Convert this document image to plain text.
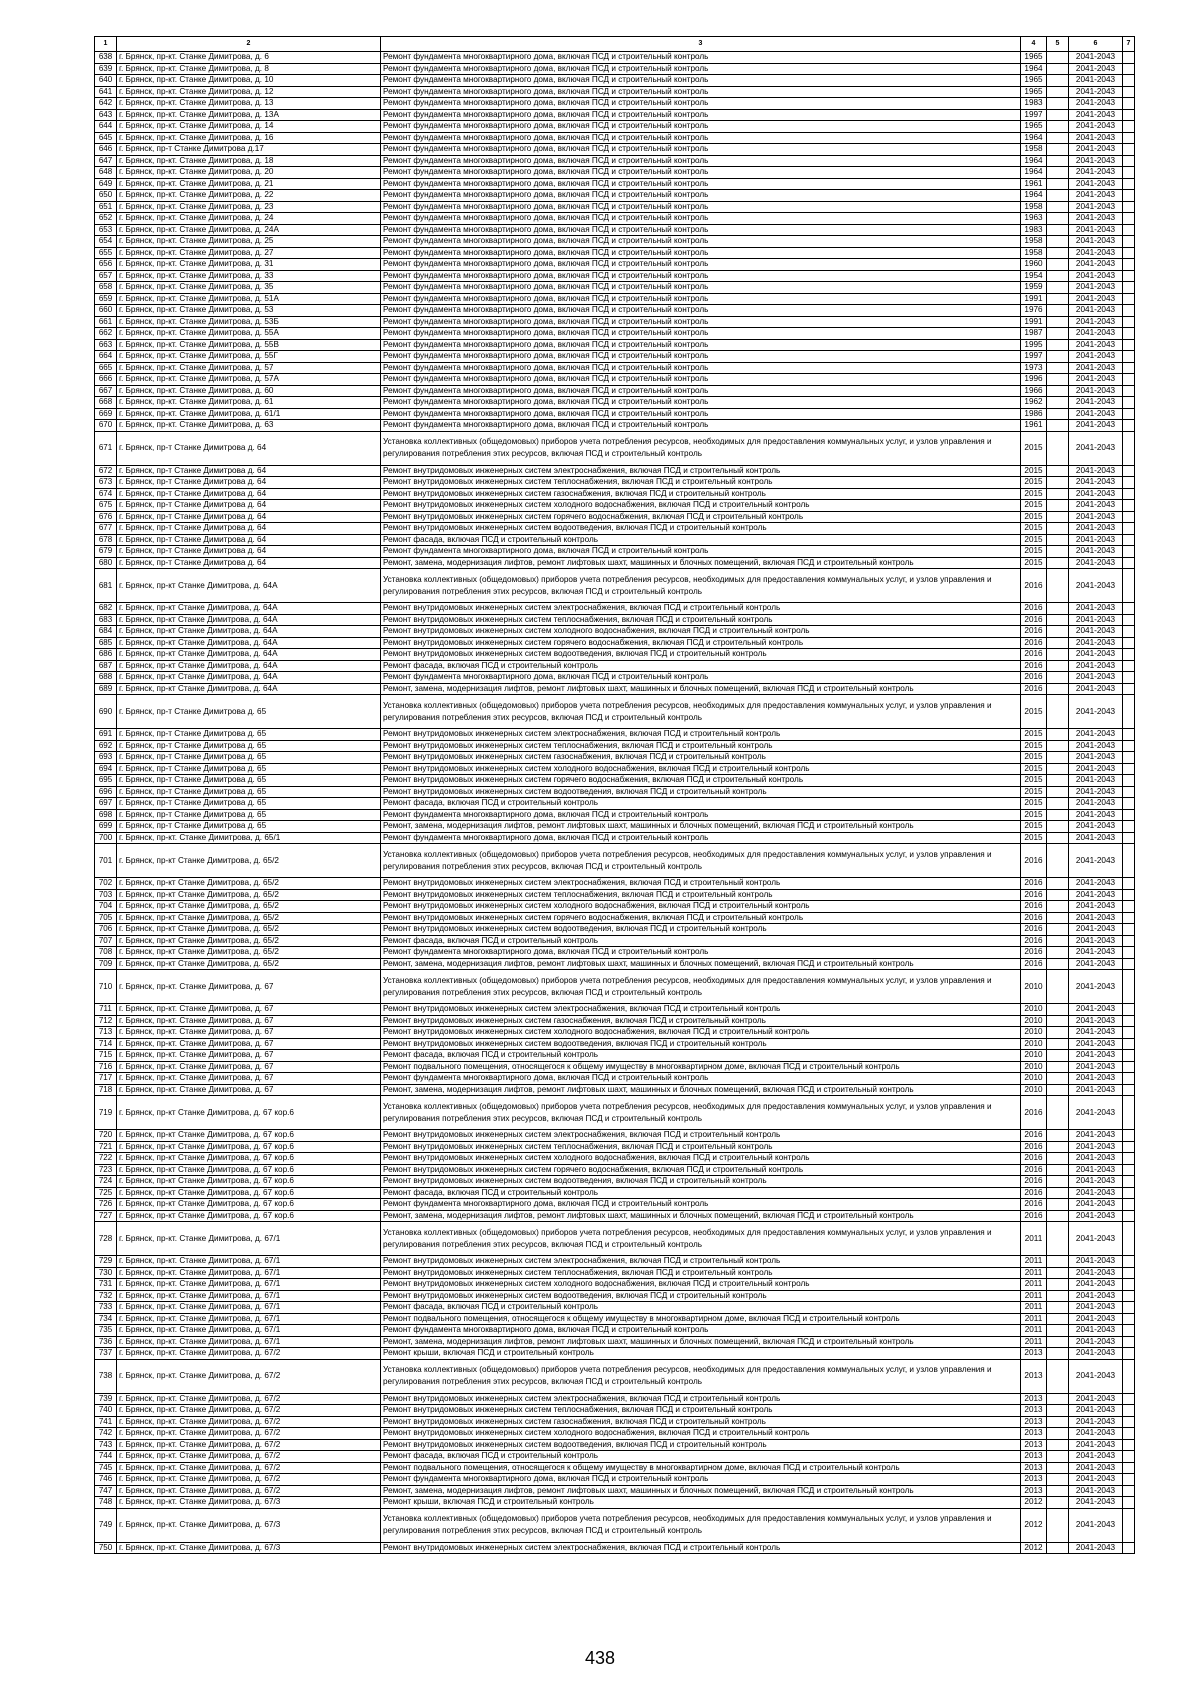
1	2	3	4	5	6	7
638	г. Брянск, пр-кт. Станке Димитрова, д. 6	Ремонт фундамента многоквартирного дома, включая ПСД и строительный контроль	1965		2041-2043	
639	г. Брянск, пр-кт. Станке Димитрова, д. 8	Ремонт фундамента многоквартирного дома, включая ПСД и строительный контроль	1964		2041-2043	
640	г. Брянск, пр-кт. Станке Димитрова, д. 10	Ремонт фундамента многоквартирного дома, включая ПСД и строительный контроль	1965		2041-2043	
641	г. Брянск, пр-кт. Станке Димитрова, д. 12	Ремонт фундамента многоквартирного дома, включая ПСД и строительный контроль	1965		2041-2043	
642	г. Брянск, пр-кт. Станке Димитрова, д. 13	Ремонт фундамента многоквартирного дома, включая ПСД и строительный контроль	1983		2041-2043	
643	г. Брянск, пр-кт. Станке Димитрова, д. 13А	Ремонт фундамента многоквартирного дома, включая ПСД и строительный контроль	1997		2041-2043	
644	г. Брянск, пр-кт. Станке Димитрова, д. 14	Ремонт фундамента многоквартирного дома, включая ПСД и строительный контроль	1965		2041-2043	
645	г. Брянск, пр-кт. Станке Димитрова, д. 16	Ремонт фундамента многоквартирного дома, включая ПСД и строительный контроль	1964		2041-2043	
646	г. Брянск, пр-т Станке Димитрова д.17	Ремонт фундамента многоквартирного дома, включая ПСД и строительный контроль	1958		2041-2043	
647	г. Брянск, пр-кт. Станке Димитрова, д. 18	Ремонт фундамента многоквартирного дома, включая ПСД и строительный контроль	1964		2041-2043	
648	г. Брянск, пр-кт. Станке Димитрова, д. 20	Ремонт фундамента многоквартирного дома, включая ПСД и строительный контроль	1964		2041-2043	
649	г. Брянск, пр-кт. Станке Димитрова, д. 21	Ремонт фундамента многоквартирного дома, включая ПСД и строительный контроль	1961		2041-2043	
650	г. Брянск, пр-кт. Станке Димитрова, д. 22	Ремонт фундамента многоквартирного дома, включая ПСД и строительный контроль	1964		2041-2043	
651	г. Брянск, пр-кт. Станке Димитрова, д. 23	Ремонт фундамента многоквартирного дома, включая ПСД и строительный контроль	1958		2041-2043	
652	г. Брянск, пр-кт. Станке Димитрова, д. 24	Ремонт фундамента многоквартирного дома, включая ПСД и строительный контроль	1963		2041-2043	
653	г. Брянск, пр-кт. Станке Димитрова, д. 24А	Ремонт фундамента многоквартирного дома, включая ПСД и строительный контроль	1983		2041-2043	
654	г. Брянск, пр-кт. Станке Димитрова, д. 25	Ремонт фундамента многоквартирного дома, включая ПСД и строительный контроль	1958		2041-2043	
655	г. Брянск, пр-кт. Станке Димитрова, д. 27	Ремонт фундамента многоквартирного дома, включая ПСД и строительный контроль	1958		2041-2043	
656	г. Брянск, пр-кт. Станке Димитрова, д. 31	Ремонт фундамента многоквартирного дома, включая ПСД и строительный контроль	1960		2041-2043	
657	г. Брянск, пр-кт. Станке Димитрова, д. 33	Ремонт фундамента многоквартирного дома, включая ПСД и строительный контроль	1954		2041-2043	
658	г. Брянск, пр-кт. Станке Димитрова, д. 35	Ремонт фундамента многоквартирного дома, включая ПСД и строительный контроль	1959		2041-2043	
659	г. Брянск, пр-кт. Станке Димитрова, д. 51А	Ремонт фундамента многоквартирного дома, включая ПСД и строительный контроль	1991		2041-2043	
660	г. Брянск, пр-кт. Станке Димитрова, д. 53	Ремонт фундамента многоквартирного дома, включая ПСД и строительный контроль	1976		2041-2043	
661	г. Брянск, пр-кт. Станке Димитрова, д. 53Б	Ремонт фундамента многоквартирного дома, включая ПСД и строительный контроль	1991		2041-2043	
662	г. Брянск, пр-кт. Станке Димитрова, д. 55А	Ремонт фундамента многоквартирного дома, включая ПСД и строительный контроль	1987		2041-2043	
663	г. Брянск, пр-кт. Станке Димитрова, д. 55В	Ремонт фундамента многоквартирного дома, включая ПСД и строительный контроль	1995		2041-2043	
664	г. Брянск, пр-кт. Станке Димитрова, д. 55Г	Ремонт фундамента многоквартирного дома, включая ПСД и строительный контроль	1997		2041-2043	
665	г. Брянск, пр-кт. Станке Димитрова, д. 57	Ремонт фундамента многоквартирного дома, включая ПСД и строительный контроль	1973		2041-2043	
666	г. Брянск, пр-кт. Станке Димитрова, д. 57А	Ремонт фундамента многоквартирного дома, включая ПСД и строительный контроль	1996		2041-2043	
667	г. Брянск, пр-кт. Станке Димитрова, д. 60	Ремонт фундамента многоквартирного дома, включая ПСД и строительный контроль	1966		2041-2043	
668	г. Брянск, пр-кт. Станке Димитрова, д. 61	Ремонт фундамента многоквартирного дома, включая ПСД и строительный контроль	1962		2041-2043	
669	г. Брянск, пр-кт. Станке Димитрова, д. 61/1	Ремонт фундамента многоквартирного дома, включая ПСД и строительный контроль	1986		2041-2043	
670	г. Брянск, пр-кт. Станке Димитрова, д. 63	Ремонт фундамента многоквартирного дома, включая ПСД и строительный контроль	1961		2041-2043	
671	г. Брянск, пр-т Станке Димитрова д. 64	Установка коллективных (общедомовых) приборов учета потребления ресурсов, необходимых для предоставления коммунальных услуг, и узлов управления и регулирования потребления этих ресурсов, включая ПСД и строительный контроль	2015		2041-2043	
672	г. Брянск, пр-т Станке Димитрова д. 64	Ремонт внутридомовых инженерных систем электроснабжения, включая ПСД и строительный контроль	2015		2041-2043	
673	г. Брянск, пр-т Станке Димитрова д. 64	Ремонт внутридомовых инженерных систем теплоснабжения, включая ПСД и строительный контроль	2015		2041-2043	
674	г. Брянск, пр-т Станке Димитрова д. 64	Ремонт внутридомовых инженерных систем газоснабжения, включая ПСД и строительный контроль	2015		2041-2043	
675	г. Брянск, пр-т Станке Димитрова д. 64	Ремонт внутридомовых инженерных систем холодного водоснабжения, включая ПСД и строительный контроль	2015		2041-2043	
676	г. Брянск, пр-т Станке Димитрова д. 64	Ремонт внутридомовых инженерных систем горячего водоснабжения, включая ПСД и строительный контроль	2015		2041-2043	
677	г. Брянск, пр-т Станке Димитрова д. 64	Ремонт внутридомовых инженерных систем водоотведения, включая ПСД и строительный контроль	2015		2041-2043	
678	г. Брянск, пр-т Станке Димитрова д. 64	Ремонт фасада, включая ПСД и строительный контроль	2015		2041-2043	
679	г. Брянск, пр-т Станке Димитрова д. 64	Ремонт фундамента многоквартирного дома, включая ПСД и строительный контроль	2015		2041-2043	
680	г. Брянск, пр-т Станке Димитрова д. 64	Ремонт, замена, модернизация лифтов, ремонт лифтовых шахт, машинных и блочных помещений, включая ПСД и строительный контроль	2015		2041-2043	
681	г. Брянск, пр-кт Станке Димитрова, д. 64А	Установка коллективных (общедомовых) приборов учета потребления ресурсов, необходимых для предоставления коммунальных услуг, и узлов управления и регулирования потребления этих ресурсов, включая ПСД и строительный контроль	2016		2041-2043	
682	г. Брянск, пр-кт Станке Димитрова, д. 64А	Ремонт внутридомовых инженерных систем электроснабжения, включая ПСД и строительный контроль	2016		2041-2043	
683	г. Брянск, пр-кт Станке Димитрова, д. 64А	Ремонт внутридомовых инженерных систем теплоснабжения, включая ПСД и строительный контроль	2016		2041-2043	
684	г. Брянск, пр-кт Станке Димитрова, д. 64А	Ремонт внутридомовых инженерных систем холодного водоснабжения, включая ПСД и строительный контроль	2016		2041-2043	
685	г. Брянск, пр-кт Станке Димитрова, д. 64А	Ремонт внутридомовых инженерных систем горячего водоснабжения, включая ПСД и строительный контроль	2016		2041-2043	
686	г. Брянск, пр-кт Станке Димитрова, д. 64А	Ремонт внутридомовых инженерных систем водоотведения, включая ПСД и строительный контроль	2016		2041-2043	
687	г. Брянск, пр-кт Станке Димитрова, д. 64А	Ремонт фасада, включая ПСД и строительный контроль	2016		2041-2043	
688	г. Брянск, пр-кт Станке Димитрова, д. 64А	Ремонт фундамента многоквартирного дома, включая ПСД и строительный контроль	2016		2041-2043	
689	г. Брянск, пр-кт Станке Димитрова, д. 64А	Ремонт, замена, модернизация лифтов, ремонт лифтовых шахт, машинных и блочных помещений, включая ПСД и строительный контроль	2016		2041-2043	
690	г. Брянск, пр-т Станке Димитрова д. 65	Установка коллективных (общедомовых) приборов учета потребления ресурсов, необходимых для предоставления коммунальных услуг, и узлов управления и регулирования потребления этих ресурсов, включая ПСД и строительный контроль	2015		2041-2043	
691	г. Брянск, пр-т Станке Димитрова д. 65	Ремонт внутридомовых инженерных систем электроснабжения, включая ПСД и строительный контроль	2015		2041-2043	
692	г. Брянск, пр-т Станке Димитрова д. 65	Ремонт внутридомовых инженерных систем теплоснабжения, включая ПСД и строительный контроль	2015		2041-2043	
693	г. Брянск, пр-т Станке Димитрова д. 65	Ремонт внутридомовых инженерных систем газоснабжения, включая ПСД и строительный контроль	2015		2041-2043	
694	г. Брянск, пр-т Станке Димитрова д. 65	Ремонт внутридомовых инженерных систем холодного водоснабжения, включая ПСД и строительный контроль	2015		2041-2043	
695	г. Брянск, пр-т Станке Димитрова д. 65	Ремонт внутридомовых инженерных систем горячего водоснабжения, включая ПСД и строительный контроль	2015		2041-2043	
696	г. Брянск, пр-т Станке Димитрова д. 65	Ремонт внутридомовых инженерных систем водоотведения, включая ПСД и строительный контроль	2015		2041-2043	
697	г. Брянск, пр-т Станке Димитрова д. 65	Ремонт фасада, включая ПСД и строительный контроль	2015		2041-2043	
698	г. Брянск, пр-т Станке Димитрова д. 65	Ремонт фундамента многоквартирного дома, включая ПСД и строительный контроль	2015		2041-2043	
699	г. Брянск, пр-т Станке Димитрова д. 65	Ремонт, замена, модернизация лифтов, ремонт лифтовых шахт, машинных и блочных помещений, включая ПСД и строительный контроль	2015		2041-2043	
700	г. Брянск, пр-кт. Станке Димитрова, д. 65/1	Ремонт фундамента многоквартирного дома, включая ПСД и строительный контроль	2015		2041-2043	
701	г. Брянск, пр-кт Станке Димитрова, д. 65/2	Установка коллективных (общедомовых) приборов учета потребления ресурсов, необходимых для предоставления коммунальных услуг, и узлов управления и регулирования потребления этих ресурсов, включая ПСД и строительный контроль	2016		2041-2043	
702	г. Брянск, пр-кт Станке Димитрова, д. 65/2	Ремонт внутридомовых инженерных систем электроснабжения, включая ПСД и строительный контроль	2016		2041-2043	
703	г. Брянск, пр-кт Станке Димитрова, д. 65/2	Ремонт внутридомовых инженерных систем теплоснабжения, включая ПСД и строительный контроль	2016		2041-2043	
704	г. Брянск, пр-кт Станке Димитрова, д. 65/2	Ремонт внутридомовых инженерных систем холодного водоснабжения, включая ПСД и строительный контроль	2016		2041-2043	
705	г. Брянск, пр-кт Станке Димитрова, д. 65/2	Ремонт внутридомовых инженерных систем горячего водоснабжения, включая ПСД и строительный контроль	2016		2041-2043	
706	г. Брянск, пр-кт Станке Димитрова, д. 65/2	Ремонт внутридомовых инженерных систем водоотведения, включая ПСД и строительный контроль	2016		2041-2043	
707	г. Брянск, пр-кт Станке Димитрова, д. 65/2	Ремонт фасада, включая ПСД и строительный контроль	2016		2041-2043	
708	г. Брянск, пр-кт Станке Димитрова, д. 65/2	Ремонт фундамента многоквартирного дома, включая ПСД и строительный контроль	2016		2041-2043	
709	г. Брянск, пр-кт Станке Димитрова, д. 65/2	Ремонт, замена, модернизация лифтов, ремонт лифтовых шахт, машинных и блочных помещений, включая ПСД и строительный контроль	2016		2041-2043	
710	г. Брянск, пр-кт. Станке Димитрова, д. 67	Установка коллективных (общедомовых) приборов учета потребления ресурсов, необходимых для предоставления коммунальных услуг, и узлов управления и регулирования потребления этих ресурсов, включая ПСД и строительный контроль	2010		2041-2043	
711	г. Брянск, пр-кт. Станке Димитрова, д. 67	Ремонт внутридомовых инженерных систем электроснабжения, включая ПСД и строительный контроль	2010		2041-2043	
712	г. Брянск, пр-кт. Станке Димитрова, д. 67	Ремонт внутридомовых инженерных систем газоснабжения, включая ПСД и строительный контроль	2010		2041-2043	
713	г. Брянск, пр-кт. Станке Димитрова, д. 67	Ремонт внутридомовых инженерных систем холодного водоснабжения, включая ПСД и строительный контроль	2010		2041-2043	
714	г. Брянск, пр-кт. Станке Димитрова, д. 67	Ремонт внутридомовых инженерных систем водоотведения, включая ПСД и строительный контроль	2010		2041-2043	
715	г. Брянск, пр-кт. Станке Димитрова, д. 67	Ремонт фасада, включая ПСД и строительный контроль	2010		2041-2043	
716	г. Брянск, пр-кт. Станке Димитрова, д. 67	Ремонт подвального помещения, относящегося к общему имуществу в многоквартирном доме, включая ПСД и строительный контроль	2010		2041-2043	
717	г. Брянск, пр-кт. Станке Димитрова, д. 67	Ремонт фундамента многоквартирного дома, включая ПСД и строительный контроль	2010		2041-2043	
718	г. Брянск, пр-кт. Станке Димитрова, д. 67	Ремонт, замена, модернизация лифтов, ремонт лифтовых шахт, машинных и блочных помещений, включая ПСД и строительный контроль	2010		2041-2043	
719	г. Брянск, пр-кт Станке Димитрова, д. 67 кор.6	Установка коллективных (общедомовых) приборов учета потребления ресурсов, необходимых для предоставления коммунальных услуг, и узлов управления и регулирования потребления этих ресурсов, включая ПСД и строительный контроль	2016		2041-2043	
720	г. Брянск, пр-кт Станке Димитрова, д. 67 кор.6	Ремонт внутридомовых инженерных систем электроснабжения, включая ПСД и строительный контроль	2016		2041-2043	
721	г. Брянск, пр-кт Станке Димитрова, д. 67 кор.6	Ремонт внутридомовых инженерных систем теплоснабжения, включая ПСД и строительный контроль	2016		2041-2043	
722	г. Брянск, пр-кт Станке Димитрова, д. 67 кор.6	Ремонт внутридомовых инженерных систем холодного водоснабжения, включая ПСД и строительный контроль	2016		2041-2043	
723	г. Брянск, пр-кт Станке Димитрова, д. 67 кор.6	Ремонт внутридомовых инженерных систем горячего водоснабжения, включая ПСД и строительный контроль	2016		2041-2043	
724	г. Брянск, пр-кт Станке Димитрова, д. 67 кор.6	Ремонт внутридомовых инженерных систем водоотведения, включая ПСД и строительный контроль	2016		2041-2043	
725	г. Брянск, пр-кт Станке Димитрова, д. 67 кор.6	Ремонт фасада, включая ПСД и строительный контроль	2016		2041-2043	
726	г. Брянск, пр-кт Станке Димитрова, д. 67 кор.6	Ремонт фундамента многоквартирного дома, включая ПСД и строительный контроль	2016		2041-2043	
727	г. Брянск, пр-кт Станке Димитрова, д. 67 кор.6	Ремонт, замена, модернизация лифтов, ремонт лифтовых шахт, машинных и блочных помещений, включая ПСД и строительный контроль	2016		2041-2043	
728	г. Брянск, пр-кт. Станке Димитрова, д. 67/1	Установка коллективных (общедомовых) приборов учета потребления ресурсов, необходимых для предоставления коммунальных услуг, и узлов управления и регулирования потребления этих ресурсов, включая ПСД и строительный контроль	2011		2041-2043	
729	г. Брянск, пр-кт. Станке Димитрова, д. 67/1	Ремонт внутридомовых инженерных систем электроснабжения, включая ПСД и строительный контроль	2011		2041-2043	
730	г. Брянск, пр-кт. Станке Димитрова, д. 67/1	Ремонт внутридомовых инженерных систем теплоснабжения, включая ПСД и строительный контроль	2011		2041-2043	
731	г. Брянск, пр-кт. Станке Димитрова, д. 67/1	Ремонт внутридомовых инженерных систем холодного водоснабжения, включая ПСД и строительный контроль	2011		2041-2043	
732	г. Брянск, пр-кт. Станке Димитрова, д. 67/1	Ремонт внутридомовых инженерных систем водоотведения, включая ПСД и строительный контроль	2011		2041-2043	
733	г. Брянск, пр-кт. Станке Димитрова, д. 67/1	Ремонт фасада, включая ПСД и строительный контроль	2011		2041-2043	
734	г. Брянск, пр-кт. Станке Димитрова, д. 67/1	Ремонт подвального помещения, относящегося к общему имуществу в многоквартирном доме, включая ПСД и строительный контроль	2011		2041-2043	
735	г. Брянск, пр-кт. Станке Димитрова, д. 67/1	Ремонт фундамента многоквартирного дома, включая ПСД и строительный контроль	2011		2041-2043	
736	г. Брянск, пр-кт. Станке Димитрова, д. 67/1	Ремонт, замена, модернизация лифтов, ремонт лифтовых шахт, машинных и блочных помещений, включая ПСД и строительный контроль	2011		2041-2043	
737	г. Брянск, пр-кт. Станке Димитрова, д. 67/2	Ремонт крыши, включая ПСД и строительный контроль	2013		2041-2043	
738	г. Брянск, пр-кт. Станке Димитрова, д. 67/2	Установка коллективных (общедомовых) приборов учета потребления ресурсов, необходимых для предоставления коммунальных услуг, и узлов управления и регулирования потребления этих ресурсов, включая ПСД и строительный контроль	2013		2041-2043	
739	г. Брянск, пр-кт. Станке Димитрова, д. 67/2	Ремонт внутридомовых инженерных систем электроснабжения, включая ПСД и строительный контроль	2013		2041-2043	
740	г. Брянск, пр-кт. Станке Димитрова, д. 67/2	Ремонт внутридомовых инженерных систем теплоснабжения, включая ПСД и строительный контроль	2013		2041-2043	
741	г. Брянск, пр-кт. Станке Димитрова, д. 67/2	Ремонт внутридомовых инженерных систем газоснабжения, включая ПСД и строительный контроль	2013		2041-2043	
742	г. Брянск, пр-кт. Станке Димитрова, д. 67/2	Ремонт внутридомовых инженерных систем холодного водоснабжения, включая ПСД и строительный контроль	2013		2041-2043	
743	г. Брянск, пр-кт. Станке Димитрова, д. 67/2	Ремонт внутридомовых инженерных систем водоотведения, включая ПСД и строительный контроль	2013		2041-2043	
744	г. Брянск, пр-кт. Станке Димитрова, д. 67/2	Ремонт фасада, включая ПСД и строительный контроль	2013		2041-2043	
745	г. Брянск, пр-кт. Станке Димитрова, д. 67/2	Ремонт подвального помещения, относящегося к общему имуществу в многоквартирном доме, включая ПСД и строительный контроль	2013		2041-2043	
746	г. Брянск, пр-кт. Станке Димитрова, д. 67/2	Ремонт фундамента многоквартирного дома, включая ПСД и строительный контроль	2013		2041-2043	
747	г. Брянск, пр-кт. Станке Димитрова, д. 67/2	Ремонт, замена, модернизация лифтов, ремонт лифтовых шахт, машинных и блочных помещений, включая ПСД и строительный контроль	2013		2041-2043	
748	г. Брянск, пр-кт. Станке Димитрова, д. 67/3	Ремонт крыши, включая ПСД и строительный контроль	2012		2041-2043	
749	г. Брянск, пр-кт. Станке Димитрова, д. 67/3	Установка коллективных (общедомовых) приборов учета потребления ресурсов, необходимых для предоставления коммунальных услуг, и узлов управления и регулирования потребления этих ресурсов, включая ПСД и строительный контроль	2012		2041-2043	
750	г. Брянск, пр-кт. Станке Димитрова, д. 67/3	Ремонт внутридомовых инженерных систем электроснабжения, включая ПСД и строительный контроль	2012		2041-2043	
438
